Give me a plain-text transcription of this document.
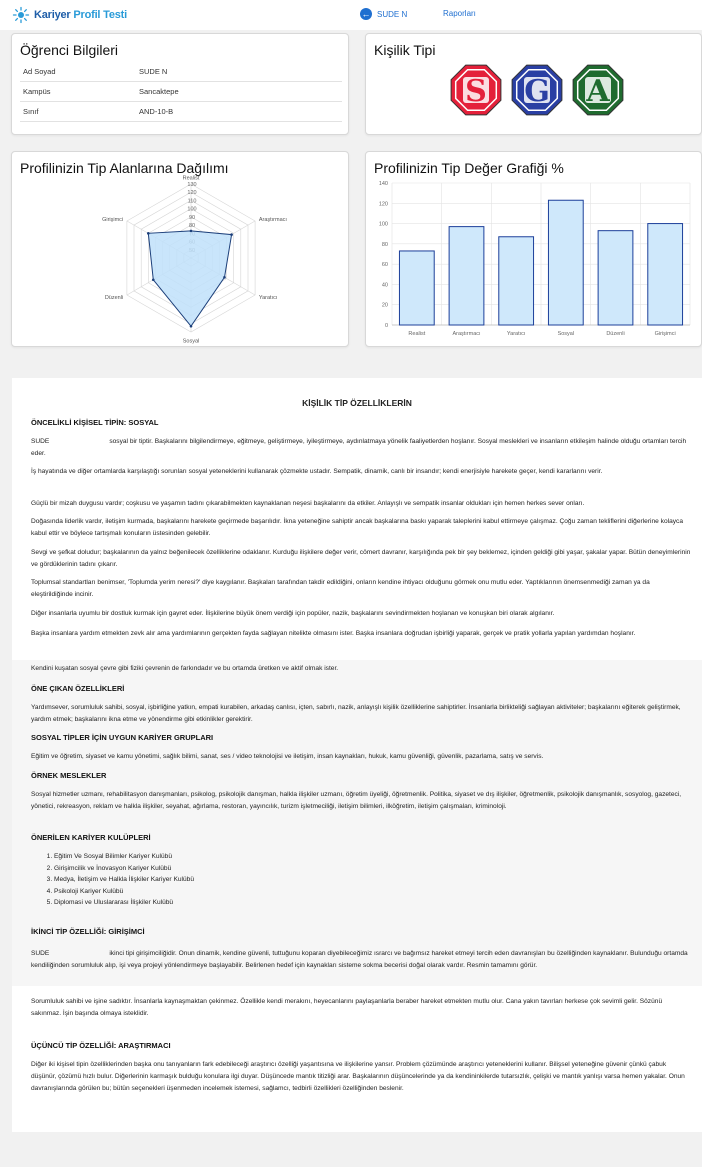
Kariyer Profil Testi	← SUDE N	Raporları
Öğrenci Bilgileri
Ad Soyad	SUDE N
Kampüs	Sancaktepe
Sınıf	AND-10-B
Kişilik Tipi
S G A
Profilinizin Tip Alanlarına Dağılımı
80
90
100
110
120
130
Realist
Araştırmacı
Yaratıcı
Sosyal
Düzenli
Girişimci
Profilinizin Tip Değer Grafiği %
0
20
40
60
80
100
120
140
Realist	Araştırmacı	Yaratıcı	Sosyal	Düzenli	Girişimci
KİŞİLİK TİP ÖZELLİKLERİN
ÖNCELİKLİ KİŞİSEL TİPİN: SOSYAL
SUDE	sosyal bir tiptir. Başkalarını bilgilendirmeye, eğitmeye, geliştirmeye, iyileştirmeye, aydınlatmaya yönelik faaliyetlerden hoşlanır. Sosyal meslekleri ve insanların etkileşim halinde olduğu ortamları tercih eder.
İş hayatında ve diğer ortamlarda karşılaştığı sorunları sosyal yeteneklerini kullanarak çözmekte ustadır. Sempatik, dinamik, canlı bir insandır; kendi enerjisiyle harekete geçer, kendi kararlarını verir.
Güçlü bir mizah duygusu vardır; coşkusu ve yaşamın tadını çıkarabilmekten kaynaklanan neşesi başkalarını da etkiler. Anlayışlı ve sempatik insanlar oldukları için hemen herkes sever onları.
Doğasında liderlik vardır, iletişim kurmada, başkalarını harekete geçirmede başarılıdır. İkna yeteneğine sahiptir ancak başkalarına baskı yaparak taleplerini kabul ettirmeye çalışmaz. Çoğu zaman tekliflerini diğerlerine kolayca kabul ettir ve böylece tartışmalı konuların üstesinden gelebilir.
Sevgi ve şefkat doludur; başkalarının da yalnız beğenilecek özelliklerine odaklanır. Kurduğu ilişkilere değer verir, cömert davranır, karşılığında pek bir şey beklemez, içinden geldiği gibi yaşar, şakalar yapar. Bütün deneyimlerinin ve gördüklerinin tadını çıkarır.
Toplumsal standartları benimser, 'Toplumda yerim neresi?' diye kaygılanır. Başkaları tarafından takdir edildiğini, onların kendine ihtiyacı olduğunu görmek onu mutlu eder. Yaptıklarının önemsenmediği zaman ya da eleştirildiğinde incinir.
Diğer insanlarla uyumlu bir dostluk kurmak için gayret eder. İlişkilerine büyük önem verdiği için popüler, nazik, başkalarını sevindirmekten hoşlanan ve konuşkan biri olarak algılanır.
Başka insanlara yardım etmekten zevk alır ama yardımlarının gerçekten fayda sağlayan nitelikte olmasını ister. Başka insanlara doğrudan işbirliği yaparak, gerçek ve pratik yollarla yapılan yardımdan hoşlanır.
Kendini kuşatan sosyal çevre gibi fiziki çevrenin de farkındadır ve bu ortamda üretken ve aktif olmak ister.
ÖNE ÇIKAN ÖZELLİKLERİ
Yardımsever, sorumluluk sahibi, sosyal, işbirliğine yatkın, empati kurabilen, arkadaş canlısı, içten, sabırlı, nazik, anlayışlı kişilik özelliklerine sahiptirler. İnsanlarla birlikteliği sağlayan aktiviteler; başkalarını eğiterek geliştirmek, yardım etmek; başkalarını ikna etme ve yönendirme gibi etkinlikler gerektirir.
SOSYAL TİPLER İÇİN UYGUN KARİYER GRUPLARI
Eğitim ve öğretim, siyaset ve kamu yönetimi, sağlık bilimi, sanat, ses / video teknolojisi ve iletişim, insan kaynakları, hukuk, kamu güvenliği, güvenlik, pazarlama, satış ve servis.
ÖRNEK MESLEKLER
Sosyal hizmetler uzmanı, rehabilitasyon danışmanları, psikolog, psikolojik danışman, halkla ilişkiler uzmanı, öğretim üyeliği, öğretmenlik. Politika, siyaset ve dış ilişkiler, öğretmenlik, psikolojik danışmanlık, sosyolog, gazeteci, yönetici, rekreasyon, reklam ve halkla ilişkiler, seyahat, ağırlama, restoran, yayıncılık, turizm işletmeciliği, iletişim bilimleri, ilköğretim, iletişim çalışmaları, kriminoloji.
ÖNERİLEN KARİYER KULÜPLERİ
1. Eğitim Ve Sosyal Bilimler Kariyer Kulübü
2. Girişimcilik ve İnovasyon Kariyer Kulübü
3. Medya, İletişim ve Halkla İlişkiler Kariyer Kulübü
4. Psikoloji Kariyer Kulübü
5. Diplomasi ve Uluslararası İlişkiler Kulübü
İKİNCİ TİP ÖZELLİĞİ: GİRİŞİMCİ
SUDE	ikinci tipi girişimciliğidir. Onun dinamik, kendine güvenli, tuttuğunu koparan diyebileceğimiz ısrarcı ve bağımsız hareket etmeyi tercih eden davranışları bu özelliğinden kaynaklanır. Bulunduğu ortamda kendiliğinden sorumluluk alıp, işi veya projeyi yönlendirmeye başlayabilir. Belirlenen hedef için kaynakları sisteme sokma becerisi doğal olarak vardır. Resmin tamamını görür.
Sorumluluk sahibi ve işine sadıktır. İnsanlarla kaynaşmaktan çekinmez. Özellikle kendi merakını, heyecanlarını paylaşanlarla beraber hareket etmekten mutlu olur. Cana yakın tavırları herkese çok sevimli gelir. Sözünü sakınmaz. İşin başında olmaya isteklidir.
ÜÇÜNCÜ TİP ÖZELLİĞİ: ARAŞTIRMACI
Diğer iki kişisel tipin özelliklerinden başka onu tanıyanların fark edebileceği araştırıcı özelliği yaşantısına ve ilişkilerine yansır. Problem çözümünde araştırıcı yeteneklerini kullanır. Bilişsel yeteneğine güvenir çünkü çabuk düşünür, çözümü hızlı bulur. Diğerlerinin karmaşık bulduğu konulara ilgi duyar. Düşüncede mantık titizliği arar. Başkalarının düşüncelerinde ya da kendininkilerde tutarsızlık, çelişki ve mantık yanlışı varsa hemen yakalar. Onun davranışlarında görülen bu; bütün seçenekleri üşenmeden incelemek istemesi, sağlamcı, tedbirli özellikleri özelliğinden beslenir.
